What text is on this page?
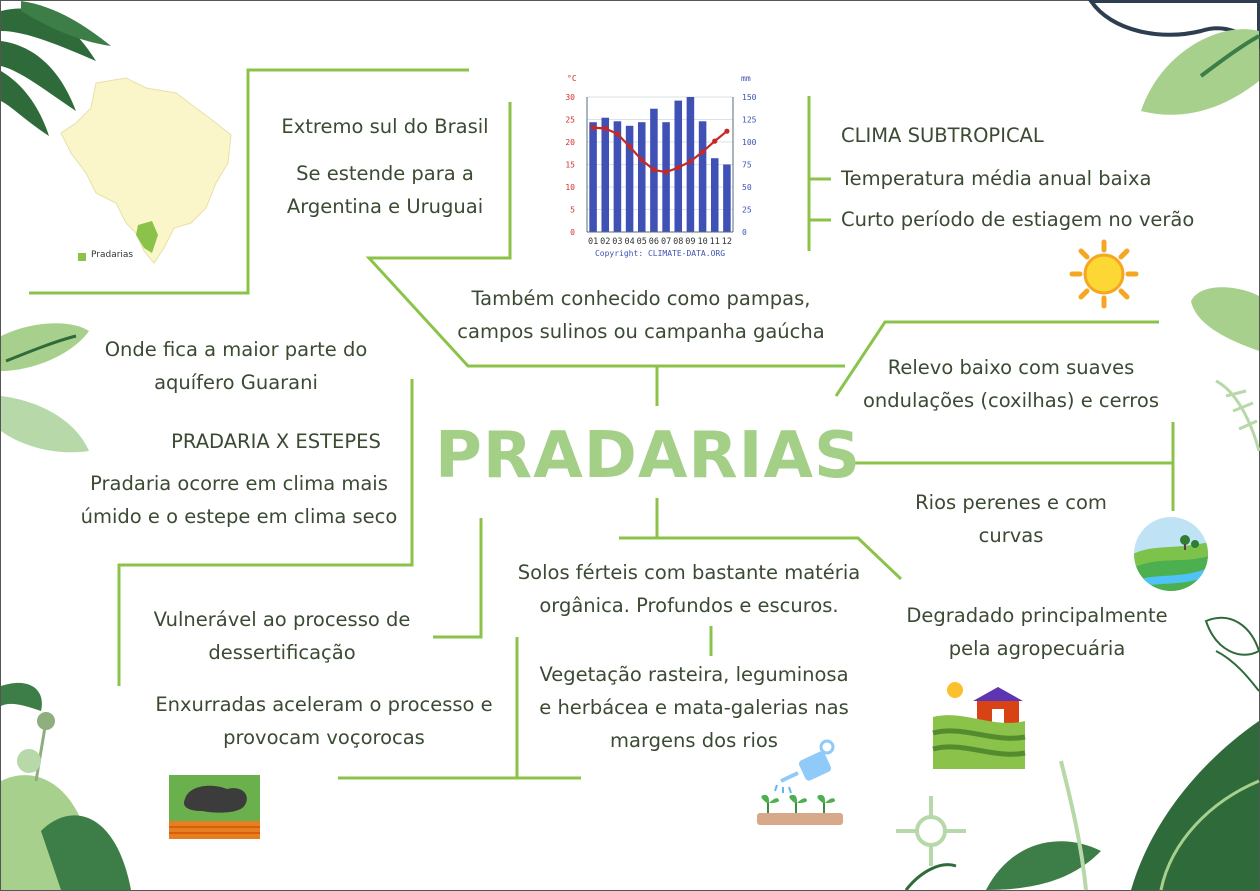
Pradarias
°C	mm
30
25
20
15
10
5
0
150
125
100
75
50
25
0
01 02 03 04 05 06 07 08 09 10 11 12
Copyright: CLIMATE-DATA.ORG
PRADARIAS
Extremo sul do Brasil
Se estende para a
Argentina e Uruguai
CLIMA SUBTROPICAL
Temperatura média anual baixa
Curto período de estiagem no verão
Também conhecido como pampas,
campos sulinos ou campanha gaúcha
Onde fica a maior parte do
aquífero Guarani
PRADARIA X ESTEPES
Pradaria ocorre em clima mais
úmido e o estepe em clima seco
Relevo baixo com suaves
ondulações (coxilhas) e cerros
Rios perenes e com
curvas
Solos férteis com bastante matéria
orgânica. Profundos e escuros.	Degradado principalmente
pela agropecuária
Vulnerável ao processo de
dessertificação
Enxurradas aceleram o processo e
provocam voçorocas
Vegetação rasteira, leguminosa
e herbácea e mata-galerias nas
margens dos rios
